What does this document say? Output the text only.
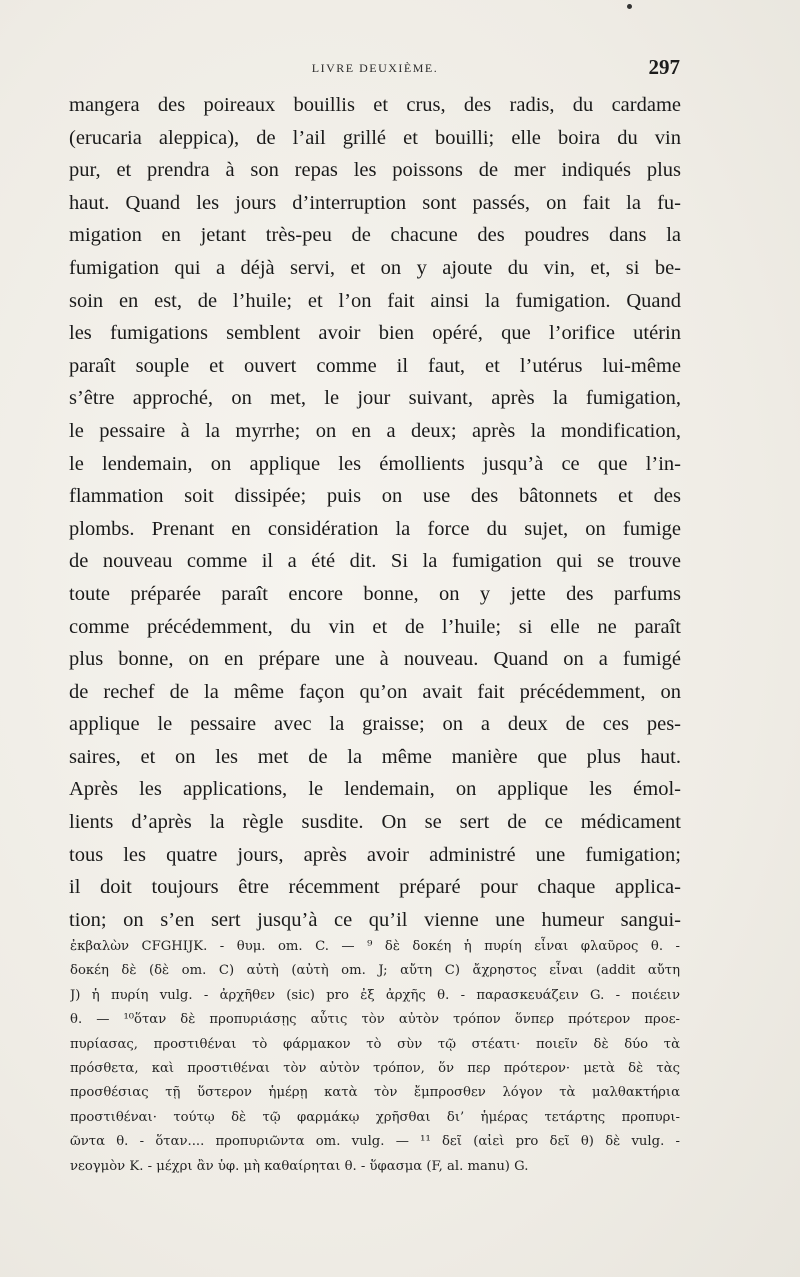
LIVRE DEUXIÈME.	297
mangera des poireaux bouillis et crus, des radis, du cardame
(erucaria aleppica), de l’ail grillé et bouilli; elle boira du vin
pur, et prendra à son repas les poissons de mer indiqués plus
haut. Quand les jours d’interruption sont passés, on fait la fu-
migation en jetant très-peu de chacune des poudres dans la
fumigation qui a déjà servi, et on y ajoute du vin, et, si be-
soin en est, de l’huile; et l’on fait ainsi la fumigation. Quand
les fumigations semblent avoir bien opéré, que l’orifice utérin
paraît souple et ouvert comme il faut, et l’utérus lui-même
s’être approché, on met, le jour suivant, après la fumigation,
le pessaire à la myrrhe; on en a deux; après la mondification,
le lendemain, on applique les émollients jusqu’à ce que l’in-
flammation soit dissipée; puis on use des bâtonnets et des
plombs. Prenant en considération la force du sujet, on fumige
de nouveau comme il a été dit. Si la fumigation qui se trouve
toute préparée paraît encore bonne, on y jette des parfums
comme précédemment, du vin et de l’huile; si elle ne paraît
plus bonne, on en prépare une à nouveau. Quand on a fumigé
de rechef de la même façon qu’on avait fait précédemment, on
applique le pessaire avec la graisse; on a deux de ces pes-
saires, et on les met de la même manière que plus haut.
Après les applications, le lendemain, on applique les émol-
lients d’après la règle susdite. On se sert de ce médicament
tous les quatre jours, après avoir administré une fumigation;
il doit toujours être récemment préparé pour chaque applica-
tion; on s’en sert jusqu’à ce qu’il vienne une humeur sangui-
ἐκβαλὼν CFGHIJK. - θυμ. om. C. — ⁹ δὲ δοκέη ἡ πυρίη εἶναι φλαῦρος θ. -
δοκέη δὲ (δὲ om. C) αὐτὴ (αὐτὴ om. J; αὔτη C) ἄχρηστος εἶναι (addit αὔτη
J) ἡ πυρίη vulg. - ἀρχῆθεν (sic) pro ἐξ ἀρχῆς θ. - παρασκευάζειν G. - ποιέειν
θ. — ¹⁰ὅταν δὲ προπυριάσῃς αὖτις τὸν αὐτὸν τρόπον ὅνπερ πρότερον προε-
πυρίασας, προστιθέναι τὸ φάρμακον τὸ σὺν τῷ στέατι· ποιεῖν δὲ δύο τὰ
πρόσθετα, καὶ προστιθέναι τὸν αὐτὸν τρόπον, ὅν περ πρότερον· μετὰ δὲ τὰς
προσθέσιας τῇ ὕστερον ἡμέρῃ κατὰ τὸν ἔμπροσθεν λόγον τὰ μαλθακτήρια
προστιθέναι· τούτῳ δὲ τῷ φαρμάκῳ χρῆσθαι δι’ ἡμέρας τετάρτης προπυρι-
ῶντα θ. - ὅταν.... προπυριῶντα om. vulg. — ¹¹ δεῖ (αἰεὶ pro δεῖ θ) δὲ vulg. -
νεογμὸν K. - μέχρι ἂν ὑφ. μὴ καθαίρηται θ. - ὕφασμα (F, al. manu) G.
